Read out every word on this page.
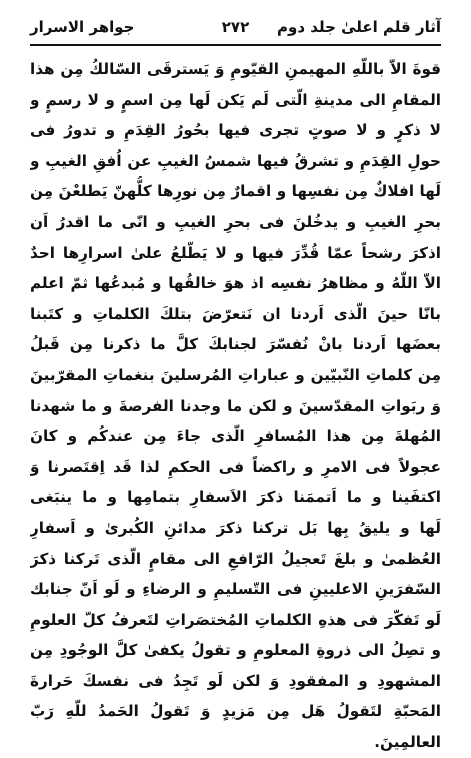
آثار قلم اعلیٰ جلد دوم
۲۷۲
جواهر الاسرار
قوةَ الاّ باللّهِ المهيمنِ القيّومِ وَ يَسترقَى السّالكُ مِن هذا
المقامِ الی مدينةِ الّتی لَم يَكن لَها مِن اسمٍ و لا رسمٍ و
لا ذكرٍ و لا صوتٍ تجری فيها بحُورُ القِدَمِ و تدورُ فی
حولِ القِدَمِ و تشرقُ فيها شمسُ الغيبِ عن اُفقِ الغيبِ و
لَها افلاكٌ مِن نفسِها و اقمارٌ مِن نورِها كلُّهنّ يَطلعْنَ مِن
بحرِ الغيبِ و يدخُلنَ فی بحرِ الغيبِ و انّی ما اقدرُ اَن
اذكرَ رشحاً عمّا قُدِّرَ فيها و لا يَطّلعُ علیٰ اسرارِها احدٌ
الاّ اللّهُ و مظاهرُ نفسِه اذ هوَ خالقُها و مُبدعُها ثمّ اعلم
بانّا حينَ الّذی اَردنا ان نَتعرّضَ بتلكَ الكلماتِ و كتَبنا
بعضَها اَردنا بانْ نُفسّرَ لجنابكَ كلَّ ما ذكرنا مِن قَبلُ
مِن كلماتِ النّبيّين و عباراتِ المُرسلينَ بنغماتِ المقرّبينَ
وَ ربَواتِ المقدّسينَ و لكن ما وجدنا الفرصةَ و ما شهدنا
المُهلةَ مِن هذا المُسافرِ الّذی جاءَ مِن عندكُم و كانَ
عجولاً فی الامرِ و راكضاً فی الحكمِ لذا قَد اِقتَصرنا وَ
اكتفَينا و ما اَتممَنا ذكرَ الاَسفارِ بتمامِها و ما ينبَغی
لَها و يليقُ بِها بَل تركنا ذكرَ مدائنِ الكُبریٰ و اَسفارِ
العُظمیٰ و بلغَ تَعجيلُ الرّافعِ الی مقامٍ الّذی تَركنا ذكرَ
السّفرَينِ الاعليينِ فی التّسليمِ و الرضاءِ و لَو اَنّ جنابك
لَو تَفكّرَ فی هذهِ الكلماتِ المُختصَراتِ لتَعرفُ كلّ العلومِ
و تصِلُ الی ذروةِ المعلومِ و تقولُ يكفیٰ كلَّ الوجُودِ مِن
المشهودِ و المفقودِ وَ لكن لَو تَجِدُ فی نفسكَ حَرارةَ
المَحبّةِ لتَقولُ هَل مِن مَزيدٍ وَ تَقولُ الحَمدُ للّهِ رَبّ
العالمِينَ.
